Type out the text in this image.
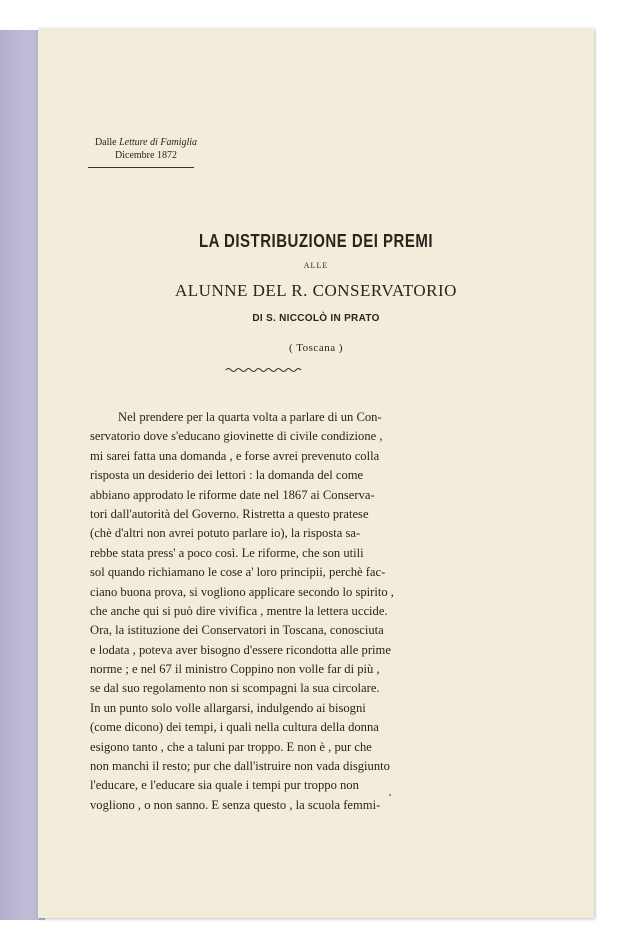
Dalle Letture di Famiglia
Dicembre 1872
LA DISTRIBUZIONE DEI PREMI
ALLE
ALUNNE DEL R. CONSERVATORIO
DI S. NICCOLÒ IN PRATO
( Toscana )
Nel prendere per la quarta volta a parlare di un Con-
servatorio dove s'educano giovinette di civile condizione ,
mi sarei fatta una domanda , e forse avrei prevenuto colla
risposta un desiderio dei lettori : la domanda del come
abbiano approdato le riforme date nel 1867 ai Conserva-
tori dall'autorità del Governo. Ristretta a questo pratese
(chè d'altri non avrei potuto parlare io), la risposta sa-
rebbe stata press' a poco così. Le riforme, che son utili
sol quando richiamano le cose a' loro principii, perchè fac-
ciano buona prova, si vogliono applicare secondo lo spirito ,
che anche qui si può dire vivifica , mentre la lettera uccide.
Ora, la istituzione dei Conservatori in Toscana, conosciuta
e lodata , poteva aver bisogno d'essere ricondotta alle prime
norme ; e nel 67 il ministro Coppino non volle far di più ,
se dal suo regolamento non si scompagni la sua circolare.
In un punto solo volle allargarsi, indulgendo ai bisogni
(come dicono) dei tempi, i quali nella cultura della donna
esigono tanto , che a taluni par troppo. E non è , pur che
non manchi il resto; pur che dall'istruire non vada disgiunto
l'educare, e l'educare sia quale i tempi pur troppo non
vogliono , o non sanno. E senza questo , la scuola femmi-
